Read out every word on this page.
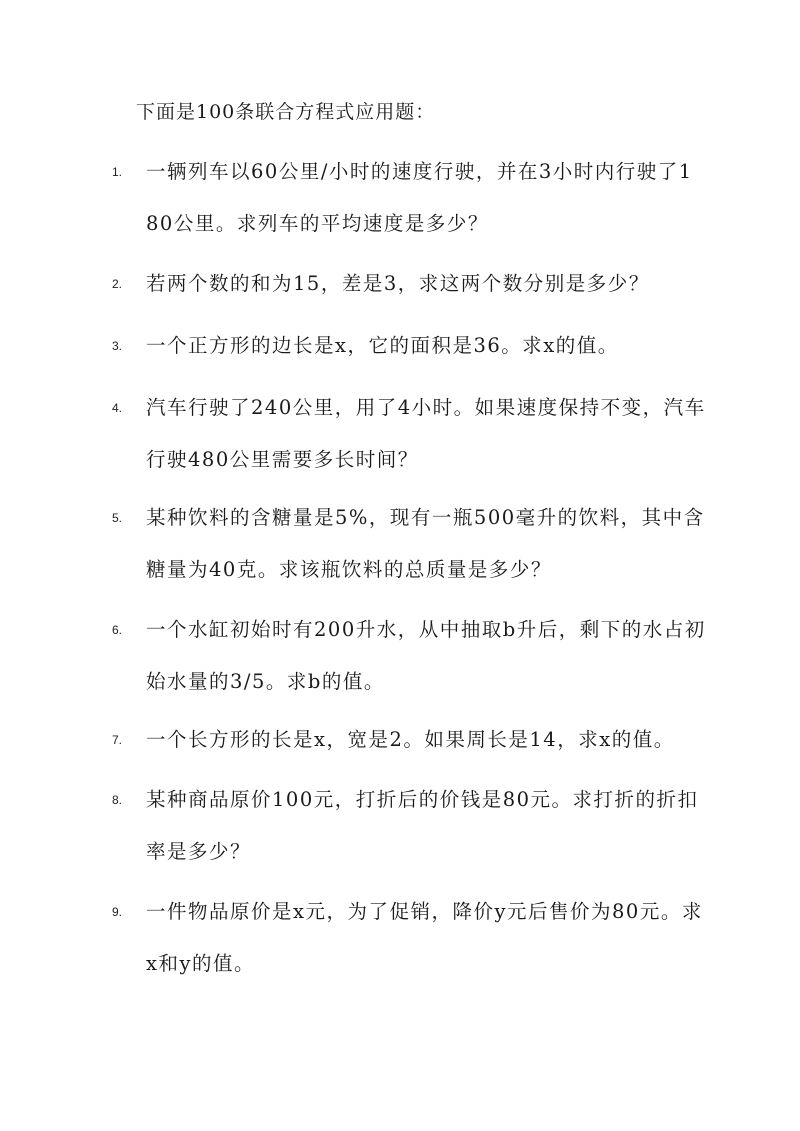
下面是100条联合方程式应用题：
1. 一辆列车以60公里/小时的速度行驶，并在3小时内行驶了180公里。求列车的平均速度是多少？
2. 若两个数的和为15，差是3，求这两个数分别是多少？
3. 一个正方形的边长是x，它的面积是36。求x的值。
4. 汽车行驶了240公里，用了4小时。如果速度保持不变，汽车行驶480公里需要多长时间？
5. 某种饮料的含糖量是5%，现有一瓶500毫升的饮料，其中含糖量为40克。求该瓶饮料的总质量是多少？
6. 一个水缸初始时有200升水，从中抽取b升后，剩下的水占初始水量的3/5。求b的值。
7. 一个长方形的长是x，宽是2。如果周长是14，求x的值。
8. 某种商品原价100元，打折后的价钱是80元。求打折的折扣率是多少？
9. 一件物品原价是x元，为了促销，降价y元后售价为80元。求x和y的值。
